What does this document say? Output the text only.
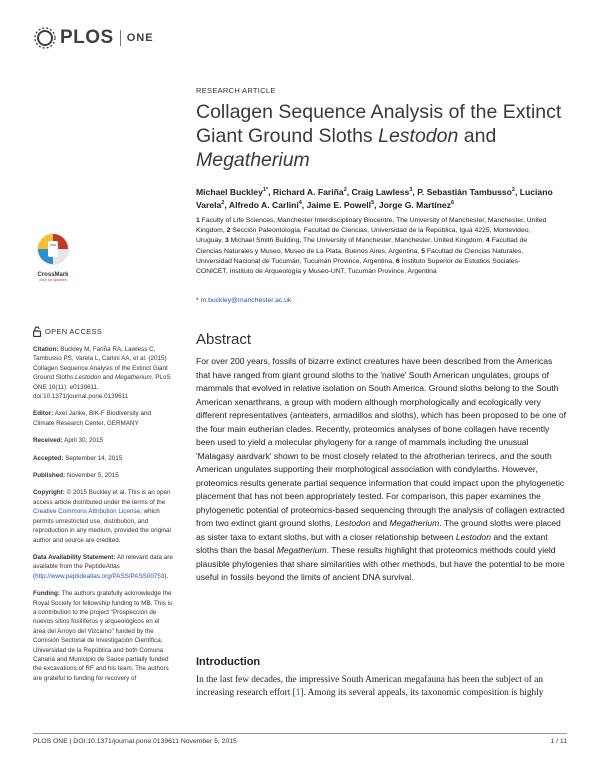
PLOS ONE
RESEARCH ARTICLE
Collagen Sequence Analysis of the Extinct Giant Ground Sloths Lestodon and Megatherium
Michael Buckley$^{1*}$, Richard A. Fariña$^2$, Craig Lawless$^3$, P. Sebastián Tambusso$^2$, Luciano Varela$^2$, Alfredo A. Carlini$^4$, Jaime E. Powell$^5$, Jorge G. Martínez$^6$
1 Faculty of Life Sciences, Manchester Interdisciplinary Biocentre, The University of Manchester, Manchester, United Kingdom, 2 Sección Paleontología, Facultad de Ciencias, Universidad de la República, Iguá 4225, Montevideo, Uruguay, 3 Michael Smith Building, The University of Manchester, Manchester, United Kingdom, 4 Facultad de Ciencias Naturales y Museo, Museo de La Plata, Buenos Aires, Argentina, 5 Facultad de Ciencias Naturales, Universidad Nacional de Tucumán, Tucumán Province, Argentina, 6 Instituto Superior de Estudios Sociales-CONICET, Instituto de Arqueología y Museo-UNT, Tucumán Province, Argentina
* m.buckley@manchester.ac.uk
CrossMark
click for updates
OPEN ACCESS

Citation: Buckley M, Fariña RA, Lawless C, Tambusso PS, Varela L, Carlini AA, et al. (2015) Collagen Sequence Analysis of the Extinct Giant Ground Sloths Lestodon and Megatherium. PLoS ONE 10(11): e0139611. doi:10.1371/journal.pone.0139611

Editor: Axel Janke, BiK-F Biodiversity and Climate Research Center, GERMANY

Received: April 30, 2015

Accepted: September 14, 2015

Published: November 5, 2015

Copyright: © 2015 Buckley et al. This is an open access article distributed under the terms of the Creative Commons Attribution License, which permits unrestricted use, distribution, and reproduction in any medium, provided the original author and source are credited.

Data Availability Statement: All relevant data are available from the PeptideAtlas (http://www.peptideatlas.org/PASS/PASS00753).

Funding: The authors gratefully acknowledge the Royal Society for fellowship funding to MB. This is a contribution to the project "Prospección de nuevos sitios fosilíferos y arqueológicos en el área del Arroyo del Vizcaíno" funded by the Comisión Sectorial de Investigación Científica, Universidad de la República and both Comuna Canaria and Municipio de Sauce partially funded the excavations of RF and his team. The authors are grateful to funding for recovery of

Abstract
For over 200 years, fossils of bizarre extinct creatures have been described from the Americas that have ranged from giant ground sloths to the 'native' South American ungulates, groups of mammals that evolved in relative isolation on South America. Ground sloths belong to the South American xenarthrans, a group with modern although morphologically and ecologically very different representatives (anteaters, armadillos and sloths), which has been proposed to be one of the four main eutherian clades. Recently, proteomics analyses of bone collagen have recently been used to yield a molecular phylogeny for a range of mammals including the unusual 'Malagasy aardvark' shown to be most closely related to the afrotherian tenrecs, and the south American ungulates supporting their morphological association with condylarths. However, proteomics results generate partial sequence information that could impact upon the phylogenetic placement that has not been appropriately tested. For comparison, this paper examines the phylogenetic potential of proteomics-based sequencing through the analysis of collagen extracted from two extinct giant ground sloths, Lestodon and Megatherium. The ground sloths were placed as sister taxa to extant sloths, but with a closer relationship between Lestodon and the extant sloths than the basal Megatherium. These results highlight that proteomics methods could yield plausible phylogenies that share similarities with other methods, but have the potential to be more useful in fossils beyond the limits of ancient DNA survival.
Introduction
In the last few decades, the impressive South American megafauna has been the subject of an increasing research effort [1]. Among its several appeals, its taxonomic composition is highly
PLOS ONE | DOI:10.1371/journal.pone.0139611 November 5, 2015	1 / 11
